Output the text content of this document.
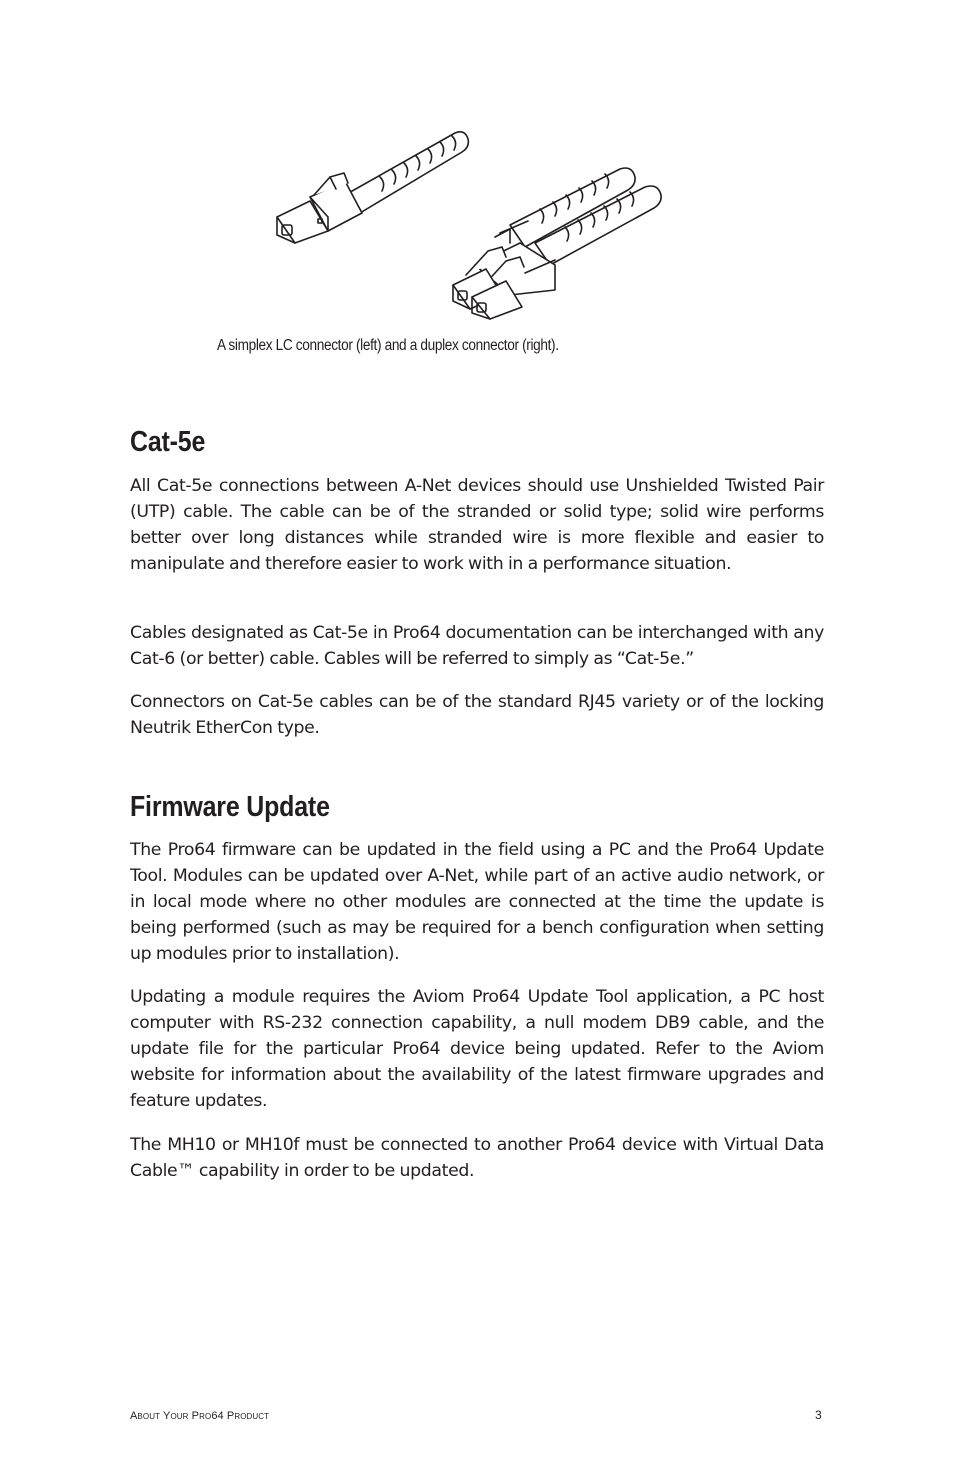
A simplex LC connector (left) and a duplex connector (right).
Cat-5e

All Cat-5e connections between A-Net devices should use Unshielded Twisted Pair (UTP) cable. The cable can be of the stranded or solid type; solid wire performs better over long distances while stranded wire is more flexible and easier to manipulate and therefore easier to work with in a performance situation.

Cables designated as Cat-5e in Pro64 documentation can be interchanged with any Cat-6 (or better) cable. Cables will be referred to simply as “Cat-5e.”

Connectors on Cat-5e cables can be of the standard RJ45 variety or of the locking Neutrik EtherCon type.

Firmware Update

The Pro64 firmware can be updated in the field using a PC and the Pro64 Update Tool. Modules can be updated over A-Net, while part of an active audio network, or in local mode where no other modules are connected at the time the update is being performed (such as may be required for a bench configuration when setting up modules prior to installation).

Updating a module requires the Aviom Pro64 Update Tool application, a PC host computer with RS-232 connection capability, a null modem DB9 cable, and the update file for the particular Pro64 device being updated. Refer to the Aviom website for information about the availability of the latest firmware upgrades and feature updates.

The MH10 or MH10f must be connected to another Pro64 device with Virtual Data Cable™ capability in order to be updated.

About Your Pro64 Product	3
